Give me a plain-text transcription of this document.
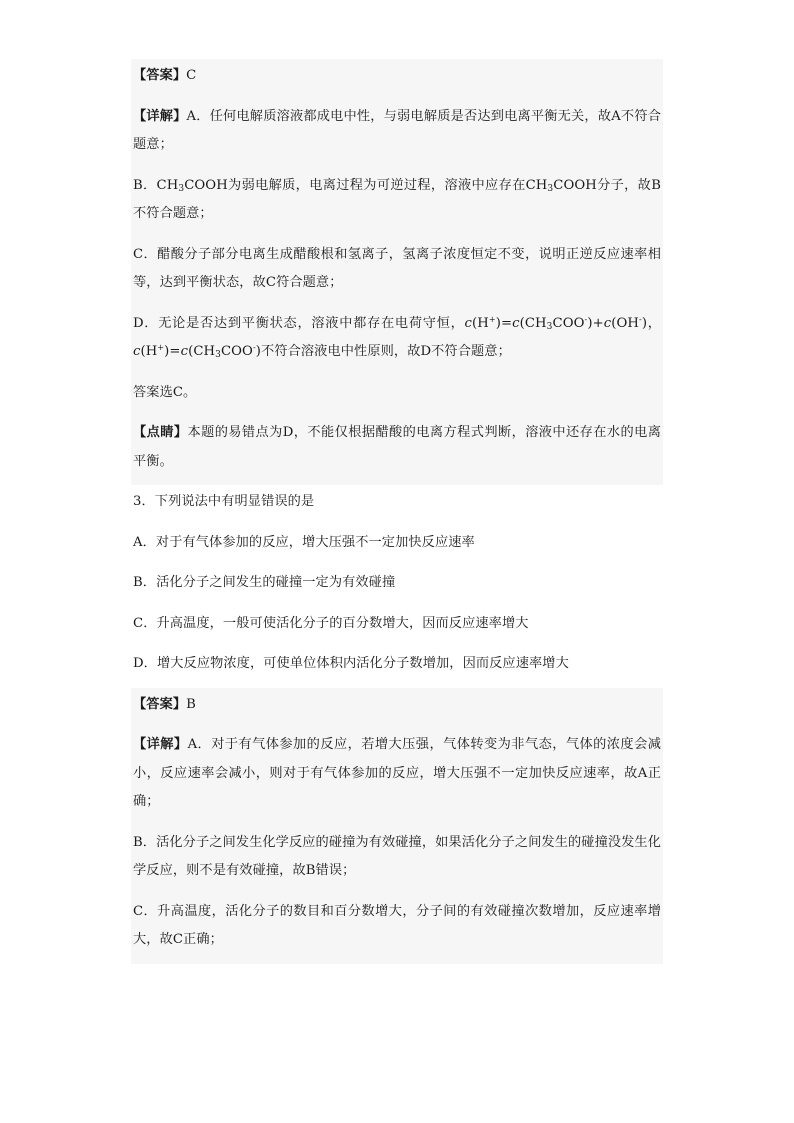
【答案】C

【详解】A．任何电解质溶液都成电中性，与弱电解质是否达到电离平衡无关，故A不符合题意；

B．$CH_3COOH$为弱电解质，电离过程为可逆过程，溶液中应存在$CH_3COOH$分子，故B不符合题意；

C．醋酸分子部分电离生成醋酸根和氢离子，氢离子浓度恒定不变，说明正逆反应速率相等，达到平衡状态，故C符合题意；

D．无论是否达到平衡状态，溶液中都存在电荷守恒，$c(H^+)=c(CH_3COO^-)+c(OH^-)$，$c(H^+)=c(CH_3COO^-)$不符合溶液电中性原则，故D不符合题意；

答案选C。

【点睛】本题的易错点为D，不能仅根据醋酸的电离方程式判断，溶液中还存在水的电离平衡。

3．下列说法中有明显错误的是

A．对于有气体参加的反应，增大压强不一定加快反应速率

B．活化分子之间发生的碰撞一定为有效碰撞

C．升高温度，一般可使活化分子的百分数增大，因而反应速率增大

D．增大反应物浓度，可使单位体积内活化分子数增加，因而反应速率增大

【答案】B

【详解】A．对于有气体参加的反应，若增大压强，气体转变为非气态，气体的浓度会减小，反应速率会减小，则对于有气体参加的反应，增大压强不一定加快反应速率，故A正确；

B．活化分子之间发生化学反应的碰撞为有效碰撞，如果活化分子之间发生的碰撞没发生化学反应，则不是有效碰撞，故B错误；

C．升高温度，活化分子的数目和百分数增大，分子间的有效碰撞次数增加，反应速率增大，故C正确；
